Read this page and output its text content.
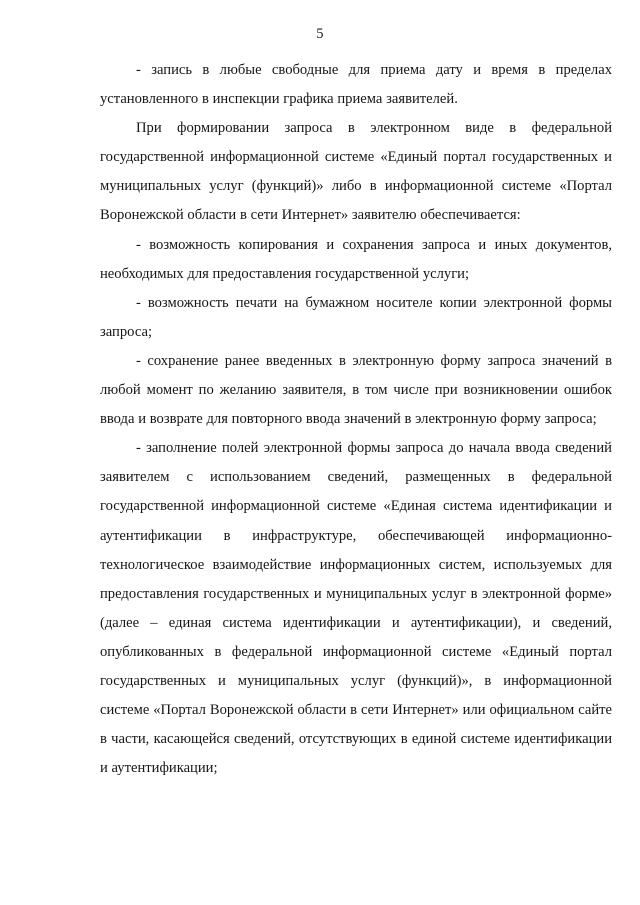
5

- запись в любые свободные для приема дату и время в пределах установленного в инспекции графика приема заявителей.

При формировании запроса в электронном виде в федеральной государственной информационной системе «Единый портал государственных и муниципальных услуг (функций)» либо в информационной системе «Портал Воронежской области в сети Интернет» заявителю обеспечивается:

- возможность копирования и сохранения запроса и иных документов, необходимых для предоставления государственной услуги;

- возможность печати на бумажном носителе копии электронной формы запроса;

- сохранение ранее введенных в электронную форму запроса значений в любой момент по желанию заявителя, в том числе при возникновении ошибок ввода и возврате для повторного ввода значений в электронную форму запроса;

- заполнение полей электронной формы запроса до начала ввода сведений заявителем с использованием сведений, размещенных в федеральной государственной информационной системе «Единая система идентификации и аутентификации в инфраструктуре, обеспечивающей информационно-технологическое взаимодействие информационных систем, используемых для предоставления государственных и муниципальных услуг в электронной форме» (далее – единая система идентификации и аутентификации), и сведений, опубликованных в федеральной информационной системе «Единый портал государственных и муниципальных услуг (функций)», в информационной системе «Портал Воронежской области в сети Интернет» или официальном сайте в части, касающейся сведений, отсутствующих в единой системе идентификации и аутентификации;
